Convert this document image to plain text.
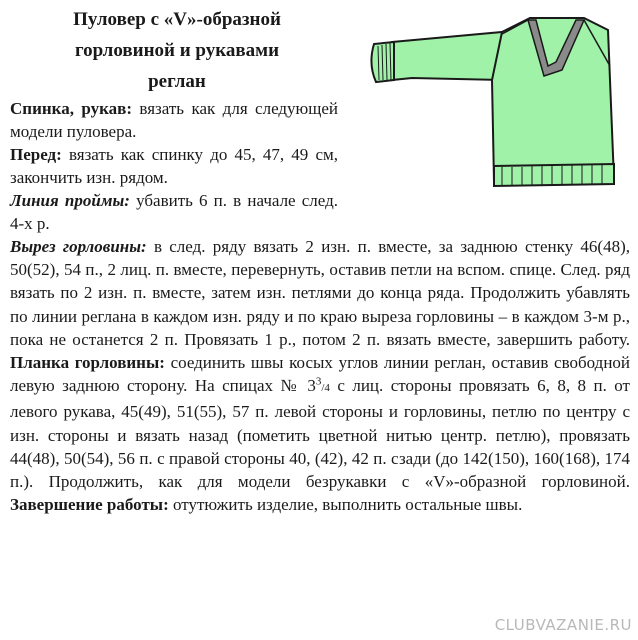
Пуловер с «V»-образной
горловиной и рукавами
реглан

Спинка, рукав: вязать как для следующей модели пуловера.

Перед: вязать как спинку до 45, 47, 49 см, закончить изн. рядом.

Линия проймы: убавить 6 п. в начале след. 4-х р.

Вырез горловины: в след. ряду вязать 2 изн. п. вместе, за заднюю стенку 46(48), 50(52), 54 п., 2 лиц. п. вместе, перевернуть, оставив петли на вспом. спице. След. ряд вязать по 2 изн. п. вместе, затем изн. петлями до конца ряда. Продолжить убавлять по линии реглана в каждом изн. ряду и по краю выреза горловины – в каждом 3-м р., пока не останется 2 п. Провязать 1 р., потом 2 п. вязать вместе, завершить работу. Планка горловины: соединить швы косых углов линии реглан, оставив свободной левую заднюю сторону. На спицах № $3^3/4$ с лиц. стороны провязать 6, 8, 8 п. от левого рукава, 45(49), 51(55), 57 п. левой стороны и горловины, петлю по центру с изн. стороны и вязать назад (пометить цветной нитью центр. петлю), провязать 44(48), 50(54), 56 п. с правой стороны 40, (42), 42 п. сзади (до 142(150), 160(168), 174 п.). Продолжить, как для модели безрукавки с «V»-образной горловиной. Завершение работы: отутюжить изделие, выполнить остальные швы.

CLUBVAZANIE.RU
